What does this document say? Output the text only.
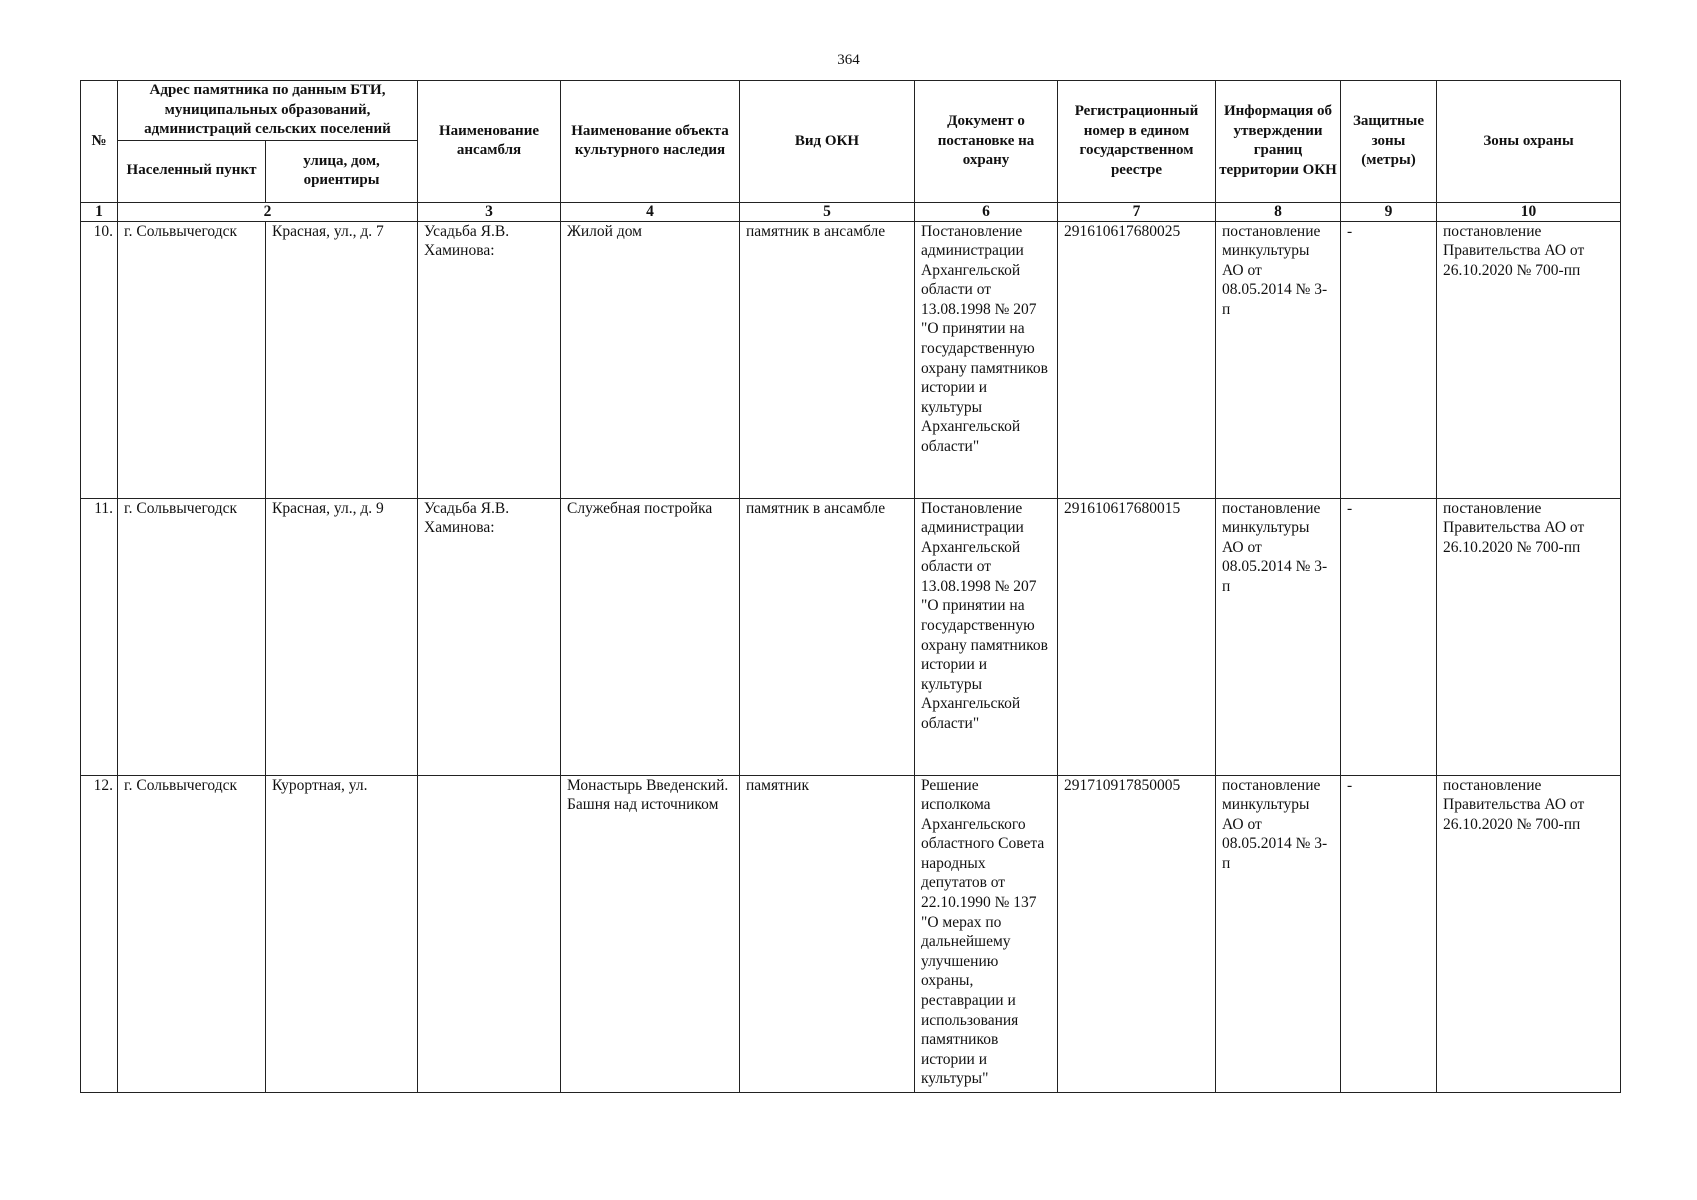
364
№	Адрес памятника по данным БТИ, муниципальных образований, администраций сельских поселений		Наименование ансамбля	Наименование объекта культурного наследия	Вид ОКН	Документ о постановке на охрану	Регистрационный номер в едином государственном реестре	Информация об утверждении границ территории ОКН	Защитные зоны (метры)	Зоны охраны
	Населенный пункт	улица, дом, ориентиры								
1	2		3	4	5	6	7	8	9	10
10.	г. Сольвычегодск	Красная, ул., д. 7	Усадьба Я.В. Хаминова:	Жилой дом	памятник в ансамбле	Постановление администрации Архангельской области от 13.08.1998 № 207 "О принятии на государственную охрану памятников истории и культуры Архангельской области"	291610617680025	постановление минкультуры АО от 08.05.2014 № 3-п	-	постановление Правительства АО от 26.10.2020 № 700-пп
11.	г. Сольвычегодск	Красная, ул., д. 9	Усадьба Я.В. Хаминова:	Служебная постройка	памятник в ансамбле	Постановление администрации Архангельской области от 13.08.1998 № 207 "О принятии на государственную охрану памятников истории и культуры Архангельской области"	291610617680015	постановление минкультуры АО от 08.05.2014 № 3-п	-	постановление Правительства АО от 26.10.2020 № 700-пп
12.	г. Сольвычегодск	Курортная, ул.		Монастырь Введенский. Башня над источником	памятник	Решение исполкома Архангельского областного Совета народных депутатов от 22.10.1990 № 137 "О мерах по дальнейшему улучшению охраны, реставрации и использования памятников истории и культуры"	291710917850005	постановление минкультуры АО от 08.05.2014 № 3-п	-	постановление Правительства АО от 26.10.2020 № 700-пп
